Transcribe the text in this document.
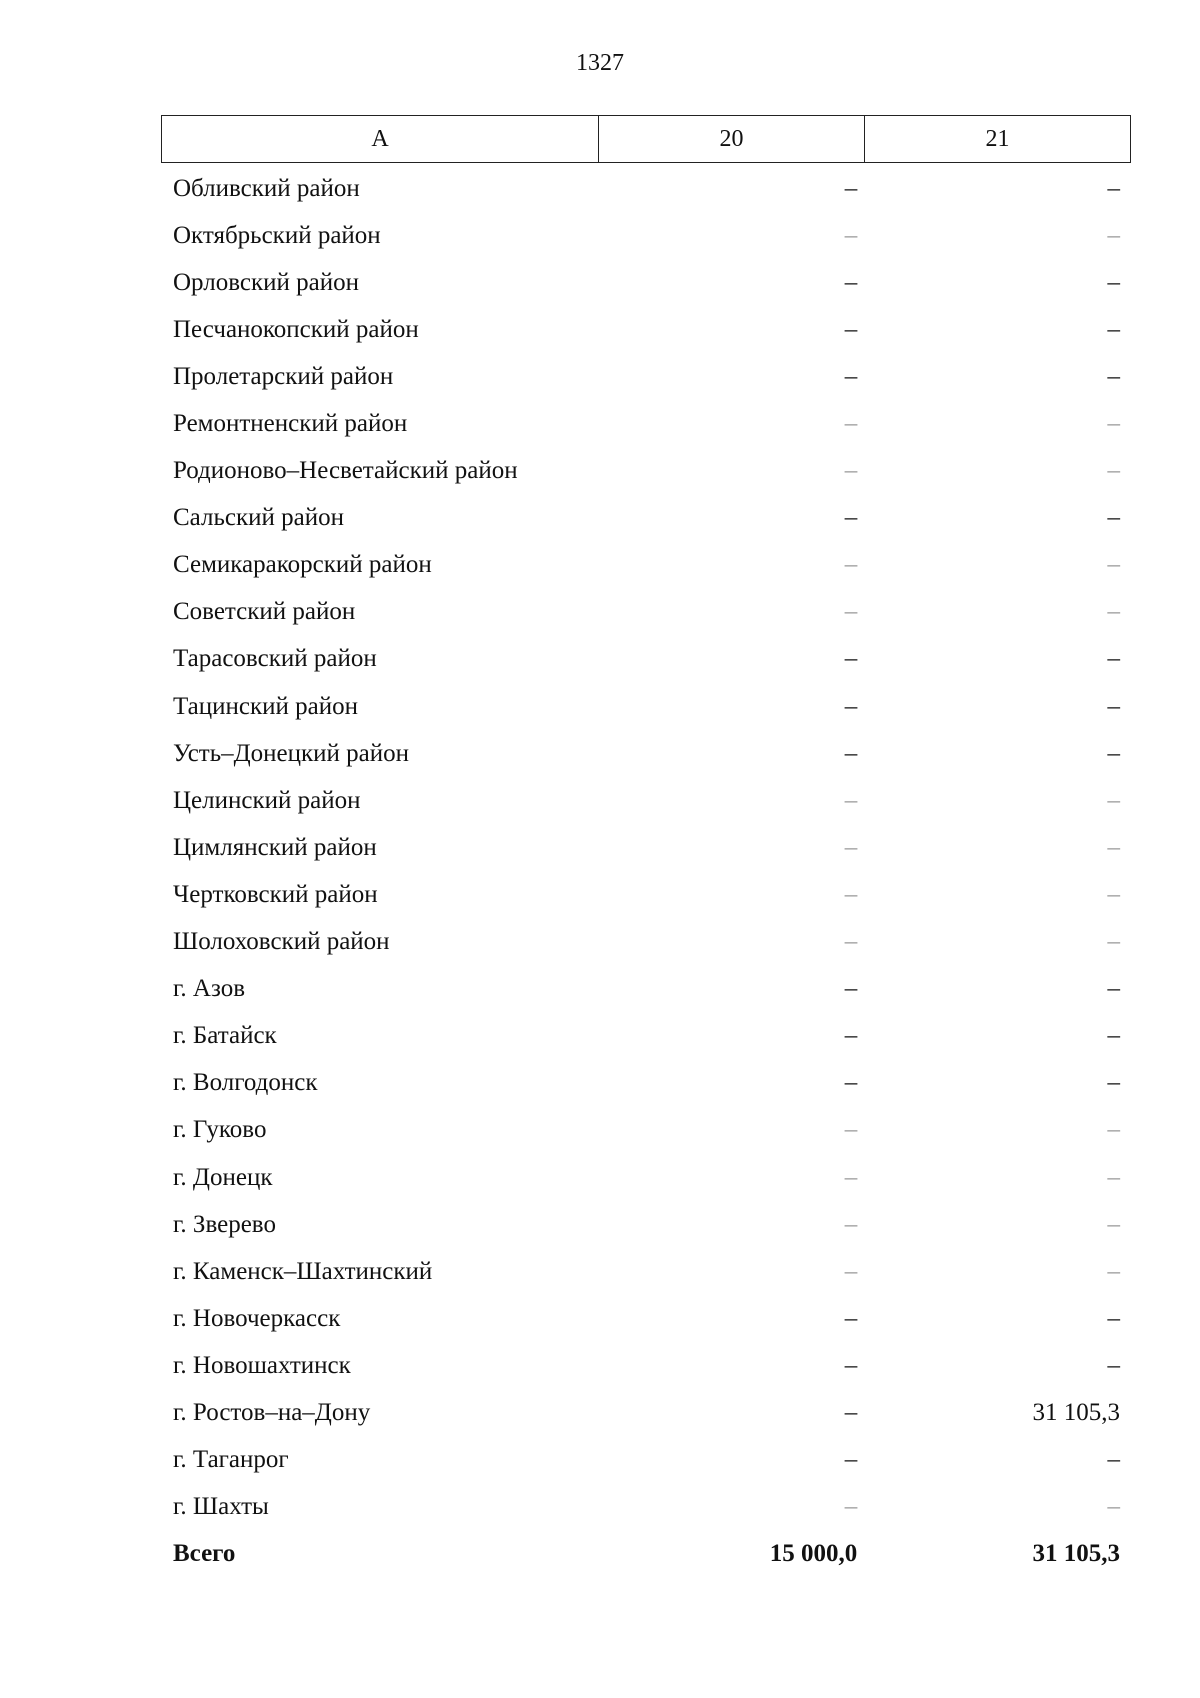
1327
А	20	21
Обливский район	–	–
Октябрьский район	–	–
Орловский район	–	–
Песчанокопский район	–	–
Пролетарский район	–	–
Ремонтненский район	–	–
Родионово–Несветайский район	–	–
Сальский район	–	–
Семикаракорский район	–	–
Советский район	–	–
Тарасовский район	–	–
Тацинский район	–	–
Усть–Донецкий район	–	–
Целинский район	–	–
Цимлянский район	–	–
Чертковский район	–	–
Шолоховский район	–	–
г. Азов	–	–
г. Батайск	–	–
г. Волгодонск	–	–
г. Гуково	–	–
г. Донецк	–	–
г. Зверево	–	–
г. Каменск–Шахтинский	–	–
г. Новочеркасск	–	–
г. Новошахтинск	–	–
г. Ростов–на–Дону	–	31 105,3
г. Таганрог	–	–
г. Шахты	–	–
Всего	15 000,0	31 105,3
